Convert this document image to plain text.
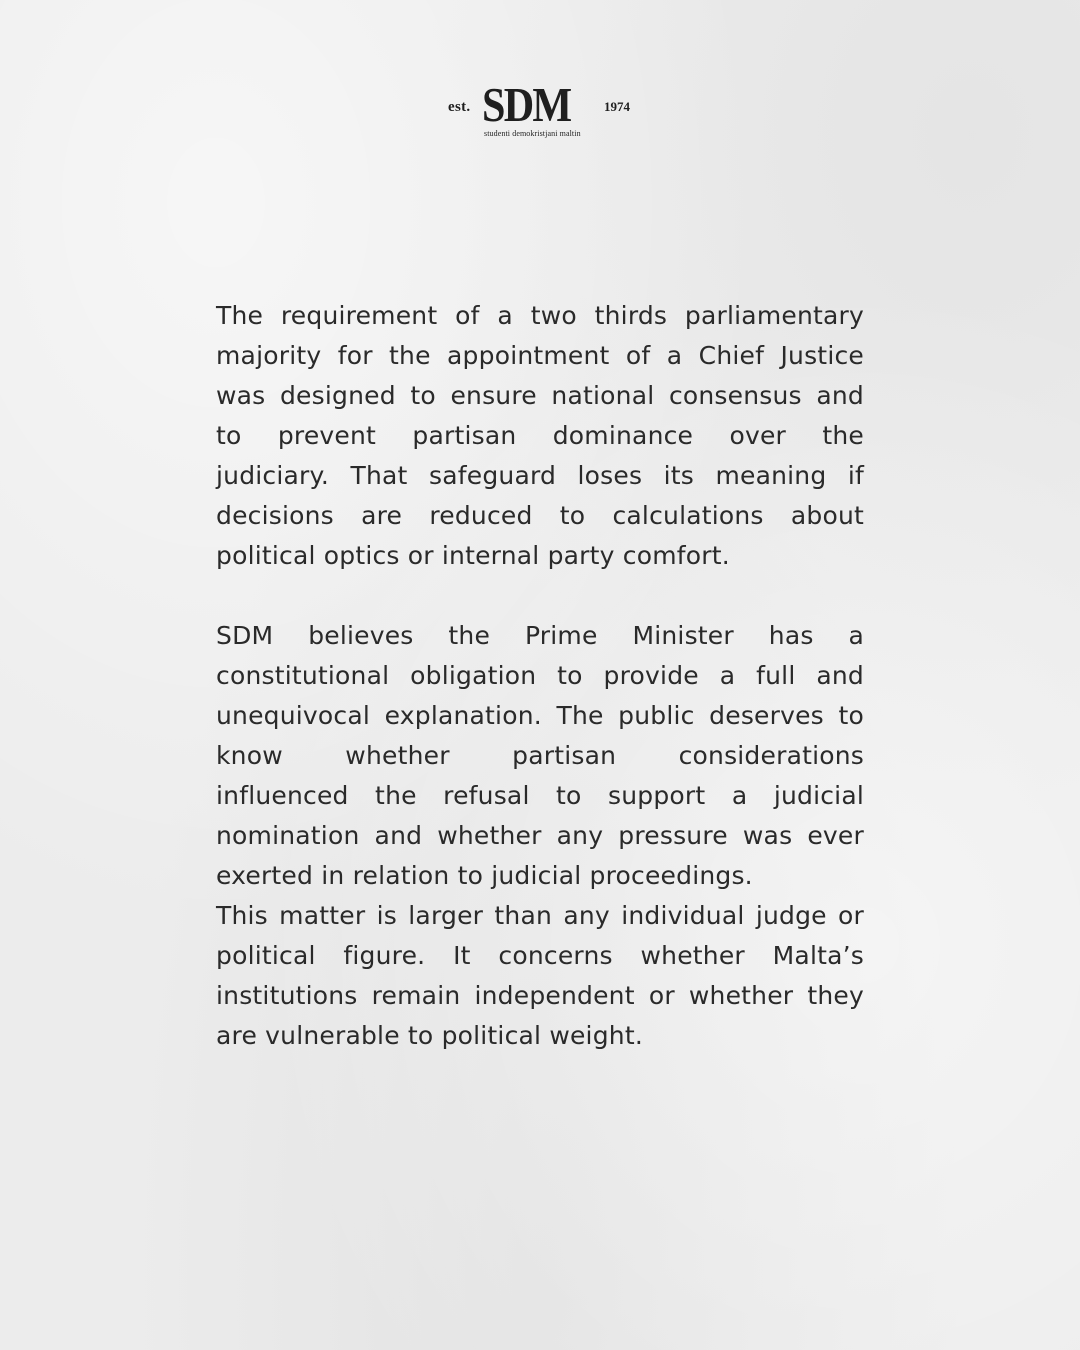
est. SDM	1974
studenti demokristjani maltin

The requirement of a two thirds parliamentary
majority for the appointment of a Chief Justice
was designed to ensure national consensus and
to prevent partisan dominance over the
judiciary. That safeguard loses its meaning if
decisions are reduced to calculations about
political optics or internal party comfort.

SDM believes the Prime Minister has a
constitutional obligation to provide a full and
unequivocal explanation. The public deserves to
know whether partisan considerations
influenced the refusal to support a judicial
nomination and whether any pressure was ever
exerted in relation to judicial proceedings.

This matter is larger than any individual judge or
political figure. It concerns whether Malta’s
institutions remain independent or whether they
are vulnerable to political weight.
